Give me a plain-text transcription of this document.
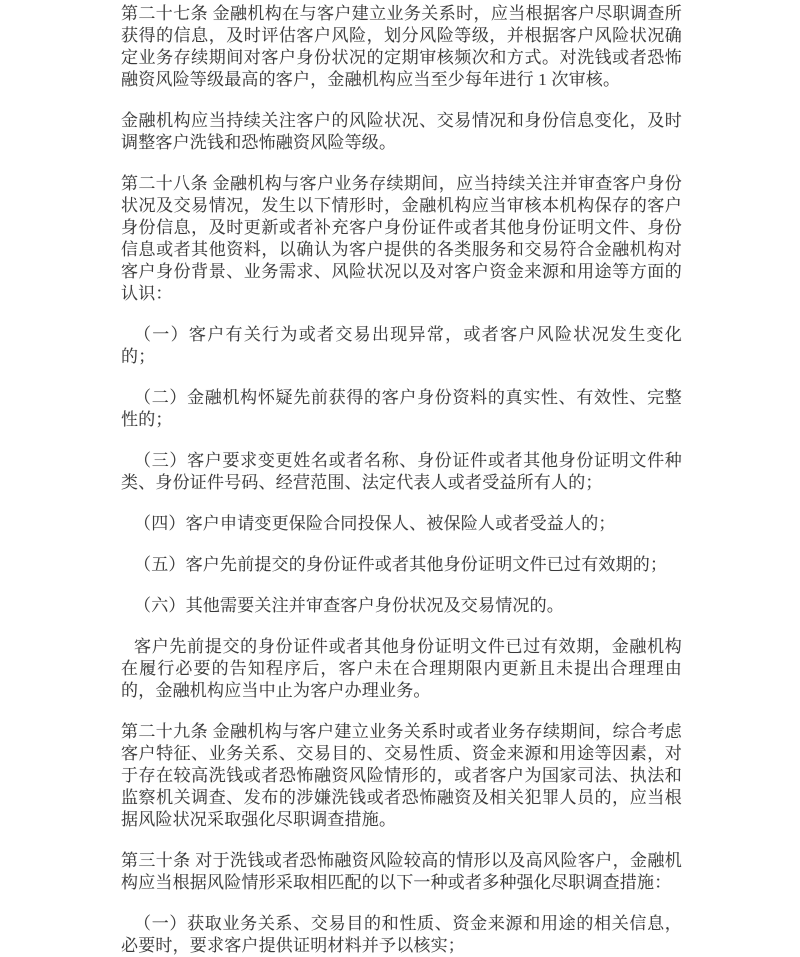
第二十七条 金融机构在与客户建立业务关系时，应当根据客户尽职调查所获得的信息，及时评估客户风险，划分风险等级，并根据客户风险状况确定业务存续期间对客户身份状况的定期审核频次和方式。对洗钱或者恐怖融资风险等级最高的客户，金融机构应当至少每年进行 1 次审核。

金融机构应当持续关注客户的风险状况、交易情况和身份信息变化，及时调整客户洗钱和恐怖融资风险等级。

第二十八条 金融机构与客户业务存续期间，应当持续关注并审查客户身份状况及交易情况，发生以下情形时，金融机构应当审核本机构保存的客户身份信息，及时更新或者补充客户身份证件或者其他身份证明文件、身份信息或者其他资料，以确认为客户提供的各类服务和交易符合金融机构对客户身份背景、业务需求、风险状况以及对客户资金来源和用途等方面的认识：

（一）客户有关行为或者交易出现异常，或者客户风险状况发生变化的；

（二）金融机构怀疑先前获得的客户身份资料的真实性、有效性、完整性的；

（三）客户要求变更姓名或者名称、身份证件或者其他身份证明文件种类、身份证件号码、经营范围、法定代表人或者受益所有人的；

（四）客户申请变更保险合同投保人、被保险人或者受益人的；

（五）客户先前提交的身份证件或者其他身份证明文件已过有效期的；

（六）其他需要关注并审查客户身份状况及交易情况的。

客户先前提交的身份证件或者其他身份证明文件已过有效期，金融机构在履行必要的告知程序后，客户未在合理期限内更新且未提出合理理由的，金融机构应当中止为客户办理业务。

第二十九条 金融机构与客户建立业务关系时或者业务存续期间，综合考虑客户特征、业务关系、交易目的、交易性质、资金来源和用途等因素，对于存在较高洗钱或者恐怖融资风险情形的，或者客户为国家司法、执法和监察机关调查、发布的涉嫌洗钱或者恐怖融资及相关犯罪人员的，应当根据风险状况采取强化尽职调查措施。

第三十条 对于洗钱或者恐怖融资风险较高的情形以及高风险客户，金融机构应当根据风险情形采取相匹配的以下一种或者多种强化尽职调查措施：

（一）获取业务关系、交易目的和性质、资金来源和用途的相关信息，必要时，要求客户提供证明材料并予以核实；
